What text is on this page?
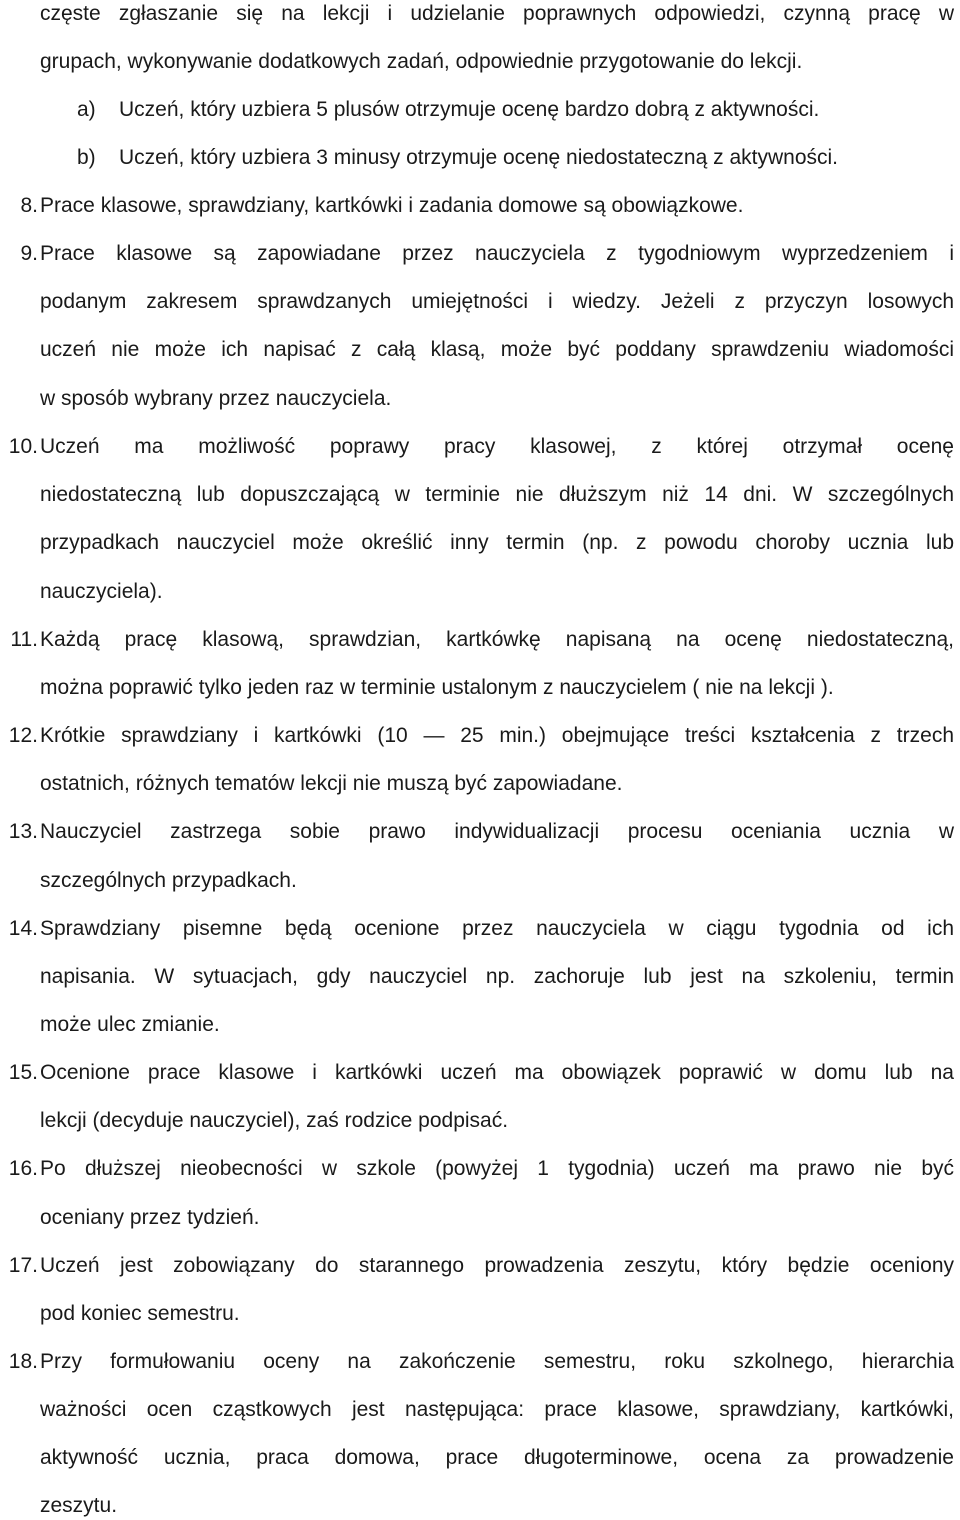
częste zgłaszanie się na lekcji i udzielanie poprawnych odpowiedzi, czynną pracę w

grupach, wykonywanie dodatkowych zadań, odpowiednie przygotowanie do lekcji.

a) Uczeń, który uzbiera 5 plusów otrzymuje ocenę bardzo dobrą z aktywności.
b) Uczeń, który uzbiera 3 minusy otrzymuje ocenę niedostateczną z aktywności.
8. Prace klasowe, sprawdziany, kartkówki i zadania domowe są obowiązkowe.

9. Prace klasowe są zapowiadane przez nauczyciela z tygodniowym wyprzedzeniem i

podanym zakresem sprawdzanych umiejętności i wiedzy. Jeżeli z przyczyn losowych

uczeń nie może ich napisać z całą klasą, może być poddany sprawdzeniu wiadomości

w sposób wybrany przez nauczyciela.

10. Uczeń ma możliwość poprawy pracy klasowej, z której otrzymał ocenę

niedostateczną lub dopuszczającą w terminie nie dłuższym niż 14 dni. W szczególnych

przypadkach nauczyciel może określić inny termin (np. z powodu choroby ucznia lub

nauczyciela).

11. Każdą pracę klasową, sprawdzian, kartkówkę napisaną na ocenę niedostateczną,

można poprawić tylko jeden raz w terminie ustalonym z nauczycielem ( nie na lekcji ).

12. Krótkie sprawdziany i kartkówki (10 — 25 min.) obejmujące treści kształcenia z trzech

ostatnich, różnych tematów lekcji nie muszą być zapowiadane.

13. Nauczyciel zastrzega sobie prawo indywidualizacji procesu oceniania ucznia w

szczególnych przypadkach.

14. Sprawdziany pisemne będą ocenione przez nauczyciela w ciągu tygodnia od ich

napisania. W sytuacjach, gdy nauczyciel np. zachoruje lub jest na szkoleniu, termin

może ulec zmianie.

15. Ocenione prace klasowe i kartkówki uczeń ma obowiązek poprawić w domu lub na

lekcji (decyduje nauczyciel), zaś rodzice podpisać.

16. Po dłuższej nieobecności w szkole (powyżej 1 tygodnia) uczeń ma prawo nie być

oceniany przez tydzień.

17. Uczeń jest zobowiązany do starannego prowadzenia zeszytu, który będzie oceniony

pod koniec semestru.

18. Przy formułowaniu oceny na zakończenie semestru, roku szkolnego, hierarchia

ważności ocen cząstkowych jest następująca: prace klasowe, sprawdziany, kartkówki,

aktywność ucznia, praca domowa, prace długoterminowe, ocena za prowadzenie

zeszytu.
